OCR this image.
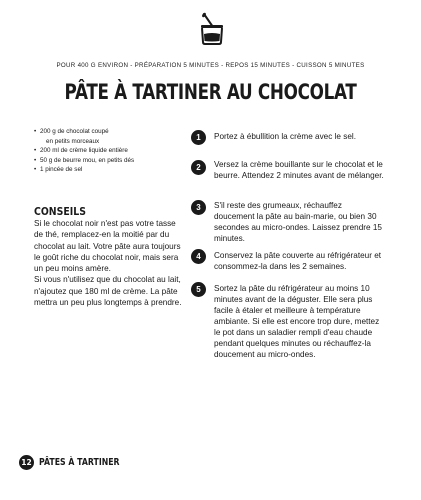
POUR 400 G ENVIRON - PRÉPARATION 5 MINUTES - REPOS 15 MINUTES - CUISSON 5 MINUTES
PÂTE À TARTINER AU CHOCOLAT
• 200 g de chocolat coupé
en petits morceaux
• 200 ml de crème liquide entière
• 50 g de beurre mou, en petits dés
• 1 pincée de sel
CONSEILS

Si le chocolat noir n'est pas votre tasse de thé, remplacez-en la moitié par du chocolat au lait. Votre pâte aura toujours le goût riche du chocolat noir, mais sera un peu moins amère.

Si vous n'utilisez que du chocolat au lait, n'ajoutez que 180 ml de crème. La pâte mettra un peu plus longtemps à prendre.

1	Portez à ébullition la crème avec le sel.
2	Versez la crème bouillante sur le chocolat et le beurre. Attendez 2 minutes avant de mélanger.
3	S'il reste des grumeaux, réchauffez doucement la pâte au bain-marie, ou bien 30 secondes au micro-ondes. Laissez prendre 15 minutes.
4	Conservez la pâte couverte au réfrigérateur et consommez-la dans les 2 semaines.
5	Sortez la pâte du réfrigérateur au moins 10 minutes avant de la déguster. Elle sera plus facile à étaler et meilleure à température ambiante. Si elle est encore trop dure, mettez le pot dans un saladier rempli d'eau chaude pendant quelques minutes ou réchauffez-la doucement au micro-ondes.
12 PÂTES À TARTINER
